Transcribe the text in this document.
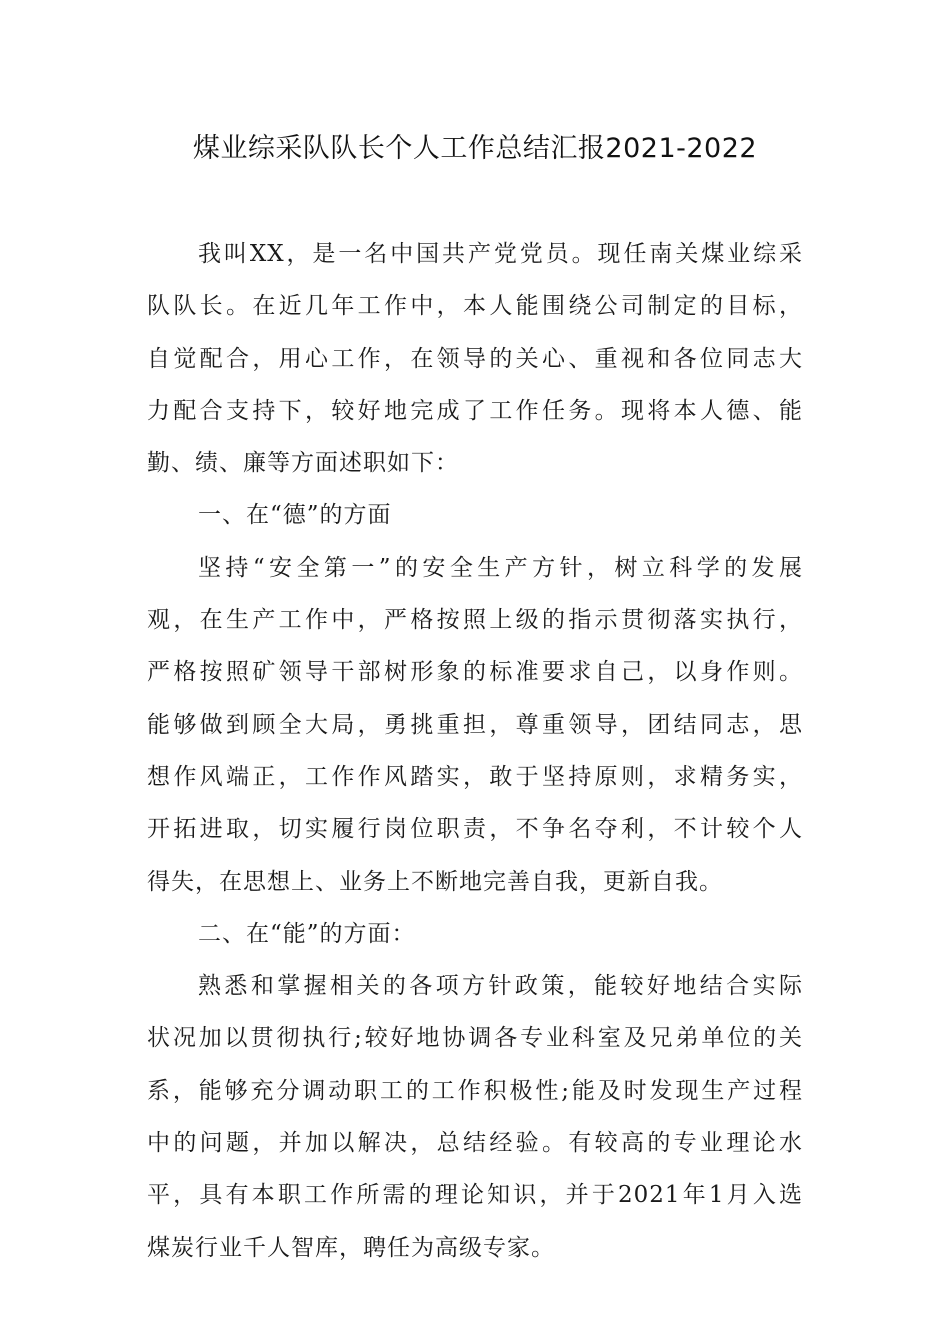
煤业综采队队长个人工作总结汇报2021-2022
我叫XX，是一名中国共产党党员。现任南关煤业综采
队队长。在近几年工作中，本人能围绕公司制定的目标，
自觉配合，用心工作，在领导的关心、重视和各位同志大
力配合支持下，较好地完成了工作任务。现将本人德、能
勤、绩、廉等方面述职如下：
一、在“德”的方面
坚持“安全第一”的安全生产方针，树立科学的发展
观，在生产工作中，严格按照上级的指示贯彻落实执行，
严格按照矿领导干部树形象的标准要求自己，以身作则。
能够做到顾全大局，勇挑重担，尊重领导，团结同志，思
想作风端正，工作作风踏实，敢于坚持原则，求精务实，
开拓进取，切实履行岗位职责，不争名夺利，不计较个人
得失，在思想上、业务上不断地完善自我，更新自我。
二、在“能”的方面：
熟悉和掌握相关的各项方针政策，能较好地结合实际
状况加以贯彻执行;较好地协调各专业科室及兄弟单位的关
系，能够充分调动职工的工作积极性;能及时发现生产过程
中的问题，并加以解决，总结经验。有较高的专业理论水
平，具有本职工作所需的理论知识，并于2021年1月入选
煤炭行业千人智库，聘任为高级专家。
